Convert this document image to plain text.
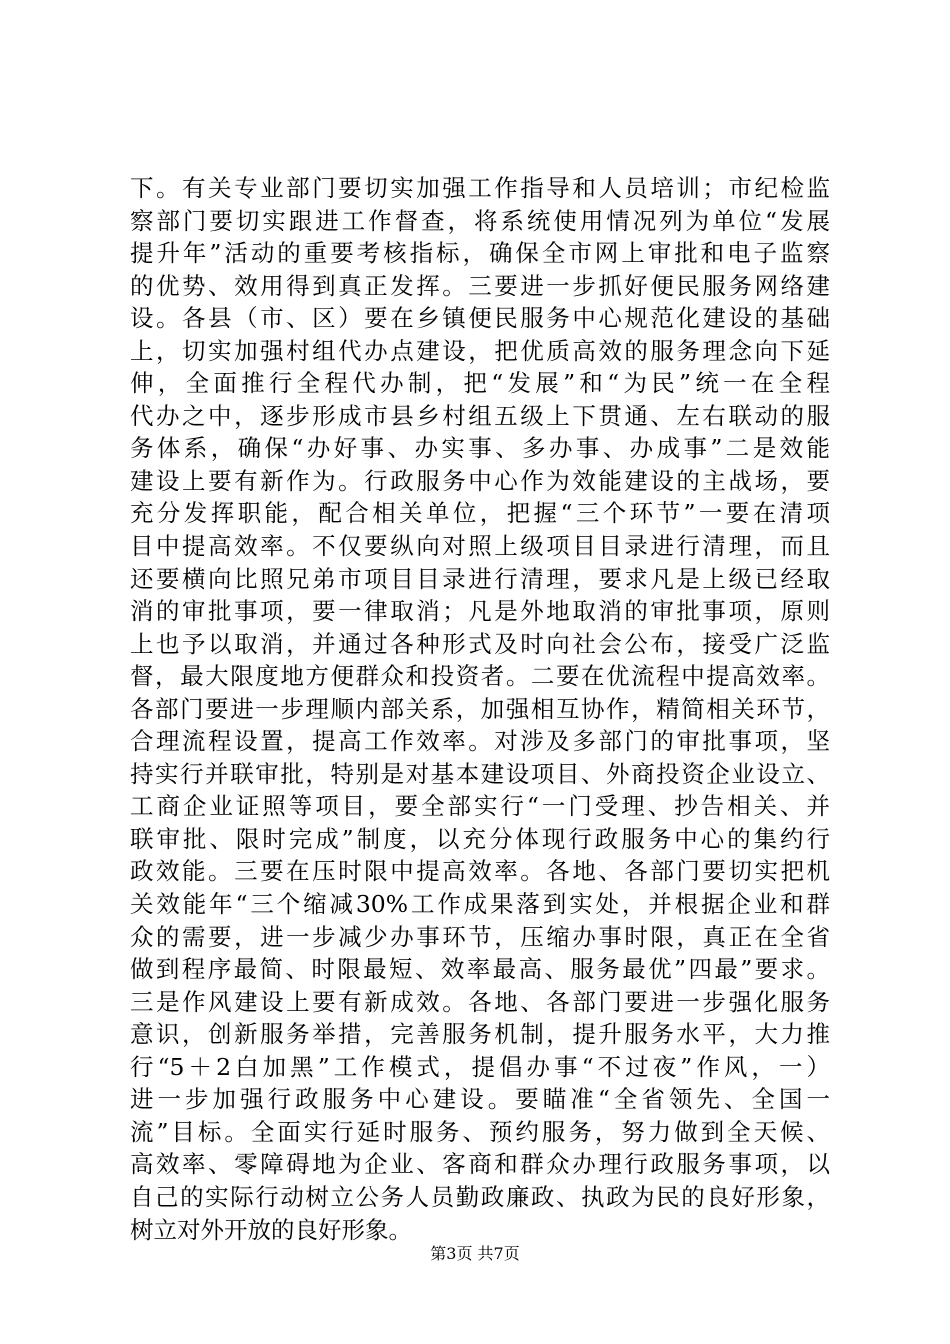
下。有关专业部门要切实加强工作指导和人员培训；市纪检监
察部门要切实跟进工作督查，将系统使用情况列为单位“发展
提升年”活动的重要考核指标，确保全市网上审批和电子监察
的优势、效用得到真正发挥。三要进一步抓好便民服务网络建
设。各县（市、区）要在乡镇便民服务中心规范化建设的基础
上，切实加强村组代办点建设，把优质高效的服务理念向下延
伸，全面推行全程代办制，把“发展”和“为民”统一在全程
代办之中，逐步形成市县乡村组五级上下贯通、左右联动的服
务体系，确保“办好事、办实事、多办事、办成事”二是效能
建设上要有新作为。行政服务中心作为效能建设的主战场，要
充分发挥职能，配合相关单位，把握“三个环节”一要在清项
目中提高效率。不仅要纵向对照上级项目目录进行清理，而且
还要横向比照兄弟市项目目录进行清理，要求凡是上级已经取
消的审批事项，要一律取消；凡是外地取消的审批事项，原则
上也予以取消，并通过各种形式及时向社会公布，接受广泛监
督，最大限度地方便群众和投资者。二要在优流程中提高效率。
各部门要进一步理顺内部关系，加强相互协作，精简相关环节，
合理流程设置，提高工作效率。对涉及多部门的审批事项，坚
持实行并联审批，特别是对基本建设项目、外商投资企业设立、
工商企业证照等项目，要全部实行“一门受理、抄告相关、并
联审批、限时完成”制度，以充分体现行政服务中心的集约行
政效能。三要在压时限中提高效率。各地、各部门要切实把机
关效能年“三个缩减30%工作成果落到实处，并根据企业和群
众的需要，进一步减少办事环节，压缩办事时限，真正在全省
做到程序最简、时限最短、效率最高、服务最优”四最”要求。
三是作风建设上要有新成效。各地、各部门要进一步强化服务
意识，创新服务举措，完善服务机制，提升服务水平，大力推
行“5＋2白加黑”工作模式，提倡办事“不过夜”作风，一）
进一步加强行政服务中心建设。要瞄准“全省领先、全国一
流”目标。全面实行延时服务、预约服务，努力做到全天候、
高效率、零障碍地为企业、客商和群众办理行政服务事项，以
自己的实际行动树立公务人员勤政廉政、执政为民的良好形象，
树立对外开放的良好形象。
第3页 共7页
